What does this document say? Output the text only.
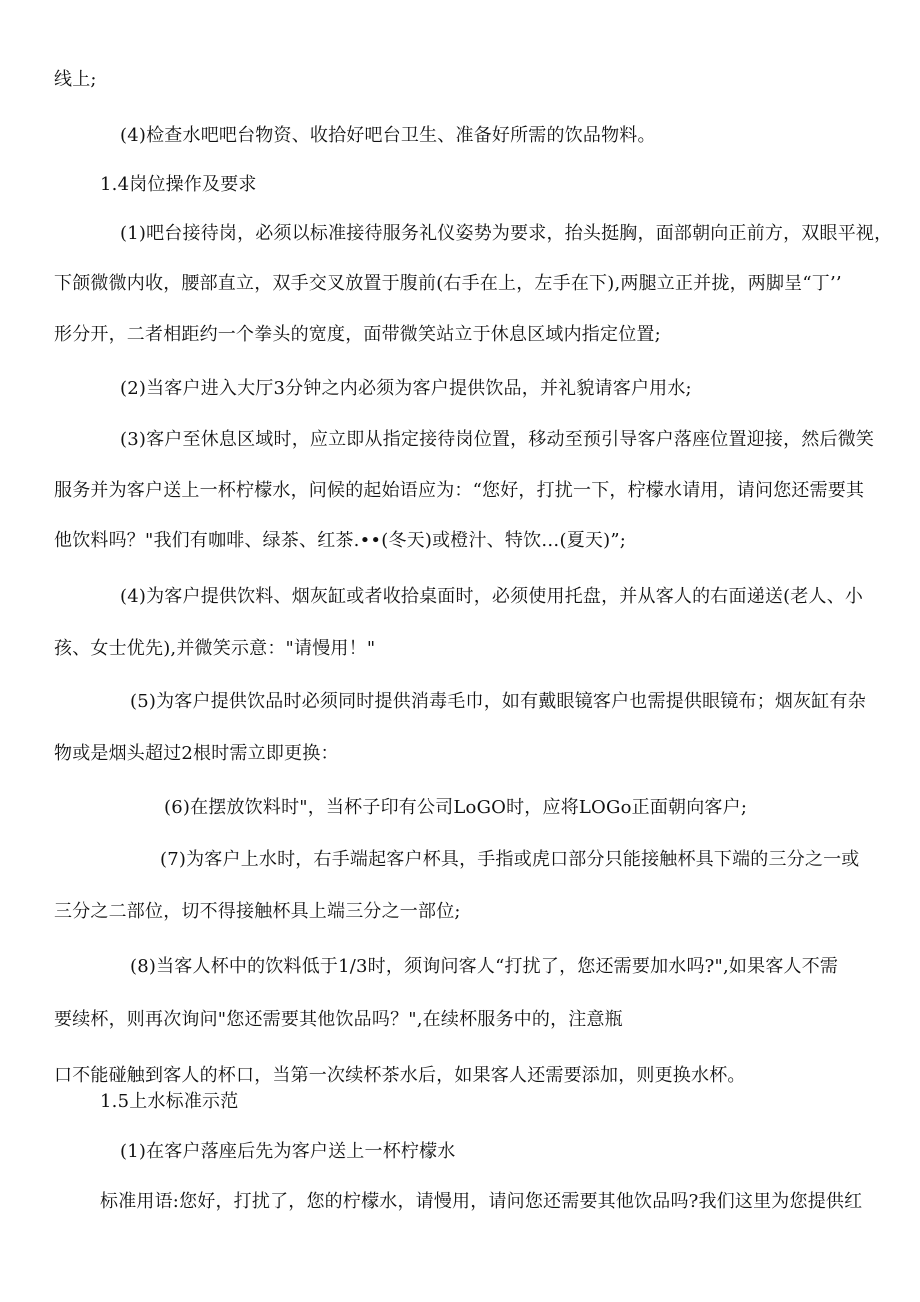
线上;
(4)检查水吧吧台物资、收拾好吧台卫生、准备好所需的饮品物料。
1.4岗位操作及要求
(1)吧台接待岗，必须以标准接待服务礼仪姿势为要求，抬头挺胸，面部朝向正前方，双眼平视，
下颌微微内收，腰部直立，双手交叉放置于腹前(右手在上，左手在下),两腿立正并拢，两脚呈“丁’’
形分开，二者相距约一个拳头的宽度，面带微笑站立于休息区域内指定位置;
(2)当客户进入大厅3分钟之内必须为客户提供饮品，并礼貌请客户用水;
(3)客户至休息区域时，应立即从指定接待岗位置，移动至预引导客户落座位置迎接，然后微笑
服务并为客户送上一杯柠檬水，问候的起始语应为：“您好，打扰一下，柠檬水请用，请问您还需要其
他饮料吗？"我们有咖啡、绿茶、红茶.••(冬天)或橙汁、特饮…(夏天)”;
(4)为客户提供饮料、烟灰缸或者收拾桌面时，必须使用托盘，并从客人的右面递送(老人、小
孩、女士优先),并微笑示意："请慢用！"
(5)为客户提供饮品时必须同时提供消毒毛巾，如有戴眼镜客户也需提供眼镜布；烟灰缸有杂
物或是烟头超过2根时需立即更换：
(6)在摆放饮料时"，当杯子印有公司LoGO时，应将LOGo正面朝向客户;
(7)为客户上水时，右手端起客户杯具，手指或虎口部分只能接触杯具下端的三分之一或
三分之二部位，切不得接触杯具上端三分之一部位;
(8)当客人杯中的饮料低于1/3时，须询问客人“打扰了，您还需要加水吗?",如果客人不需
要续杯，则再次询问"您还需要其他饮品吗？",在续杯服务中的，注意瓶
口不能碰触到客人的杯口，当第一次续杯茶水后，如果客人还需要添加，则更换水杯。
1.5上水标准示范
(1)在客户落座后先为客户送上一杯柠檬水
标准用语:您好，打扰了，您的柠檬水，请慢用，请问您还需要其他饮品吗?我们这里为您提供红
